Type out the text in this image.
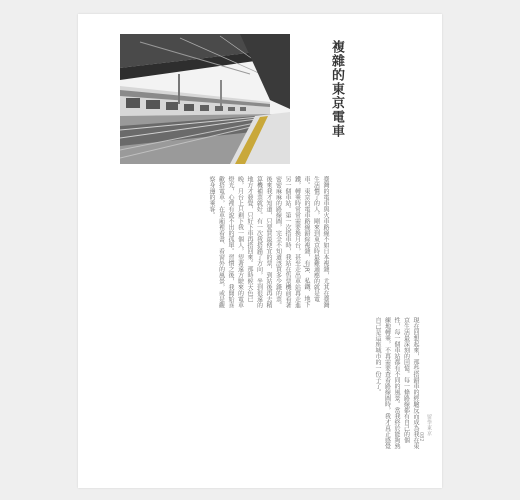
複雜的東京電車
臺灣的電車與火車路線不如日本複雜，尤其在臺灣生活慣了的人，剛來到東京時最難適應的就是電車。東京的電車路線錯綜複雜，有JR、私鐵、地下鐵，轉乘時常常需要換月台，甚至走出車站再走進另一個車站。第一次搭車時，我站在售票機前看著密密麻麻的路線圖，完全不知道該買多少錢的票。後來我才知道，只要買最便宜的票，到站後再去精算機補票就好。有一次我搭錯了方向，坐到很遠的地方才發覺，只好下車再搭回來。那時候天色已晚，月台上只剩下我一個人，望著遠方駛來的電車燈光，心裡有說不出的孤單。習慣之後，我開始喜歡搭電車，在車廂裡看書、看窗外的風景，或是觀察身邊的乘客。
現在回想起來，那些搭錯車的經驗反而成為我在東京生活最深刻的回憶。每一條路線都有自己的個性，每一個車站都有不同的風景。當我終於能夠熟練地轉乘，不再需要查看路線圖時，我才真正感覺自己是這座城市的一份子了。
留學東京
082
